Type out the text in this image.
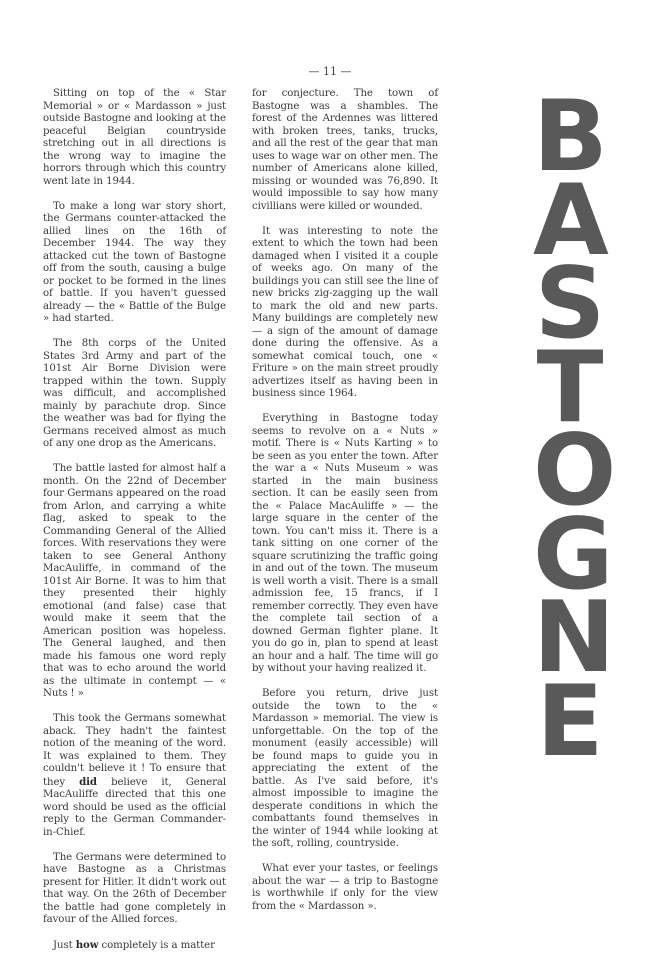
— 11 —

Sitting on top of the « Star Memorial » or « Mardasson » just outside Bastogne and looking at the peaceful Belgian countryside stretching out in all directions is the wrong way to imagine the horrors through which this country went late in 1944.

To make a long war story short, the Germans counter-attacked the allied lines on the 16th of December 1944. The way they attacked cut the town of Bastogne off from the south, causing a bulge or pocket to be formed in the lines of battle. If you haven't guessed already — the « Battle of the Bulge » had started.

The 8th corps of the United States 3rd Army and part of the 101st Air Borne Division were trapped within the town. Supply was difficult, and accomplished mainly by parachute drop. Since the weather was bad for flying the Germans received almost as much of any one drop as the Americans.

The battle lasted for almost half a month. On the 22nd of December four Germans appeared on the road from Arlon, and carrying a white flag, asked to speak to the Commanding General of the Allied forces. With reservations they were taken to see General Anthony MacAuliffe, in command of the 101st Air Borne. It was to him that they presented their highly emotional (and false) case that would make it seem that the American position was hopeless. The General laughed, and then made his famous one word reply that was to echo around the world as the ultimate in contempt — « Nuts ! »

This took the Germans somewhat aback. They hadn't the faintest notion of the meaning of the word. It was explained to them. They couldn't believe it ! To ensure that they did believe it, General MacAuliffe directed that this one word should be used as the official reply to the German Commander-in-Chief.

The Germans were determined to have Bastogne as a Christmas present for Hitler. It didn't work out that way. On the 26th of December the battle had gone completely in favour of the Allied forces.

Just how completely is a matter

for conjecture. The town of Bastogne was a shambles. The forest of the Ardennes was littered with broken trees, tanks, trucks, and all the rest of the gear that man uses to wage war on other men. The number of Americans alone killed, missing or wounded was 76,890. It would impossible to say how many civillians were killed or wounded.

It was interesting to note the extent to which the town had been damaged when I visited it a couple of weeks ago. On many of the buildings you can still see the line of new bricks zig-zagging up the wall to mark the old and new parts. Many buildings are completely new — a sign of the amount of damage done during the offensive. As a somewhat comical touch, one « Friture » on the main street proudly advertizes itself as having been in business since 1964.

Everything in Bastogne today seems to revolve on a « Nuts » motif. There is « Nuts Karting » to be seen as you enter the town. After the war a « Nuts Museum » was started in the main business section. It can be easily seen from the « Palace MacAuliffe » — the large square in the center of the town. You can't miss it. There is a tank sitting on one corner of the square scrutinizing the traffic going in and out of the town. The museum is well worth a visit. There is a small admission fee, 15 francs, if I remember correctly. They even have the complete tail section of a downed German fighter plane. It you do go in, plan to spend at least an hour and a half. The time will go by without your having realized it.

Before you return, drive just outside the town to the « Mardasson » memorial. The view is unforgettable. On the top of the monument (easily accessible) will be found maps to guide you in appreciating the extent of the battle. As I've said before, it's almost impossible to imagine the desperate conditions in which the combattants found themselves in the winter of 1944 while looking at the soft, rolling, countryside.

What ever your tastes, or feelings about the war — a trip to Bastogne is worthwhile if only for the view from the « Mardasson ».

B
A
S
T
O
G
N
E
